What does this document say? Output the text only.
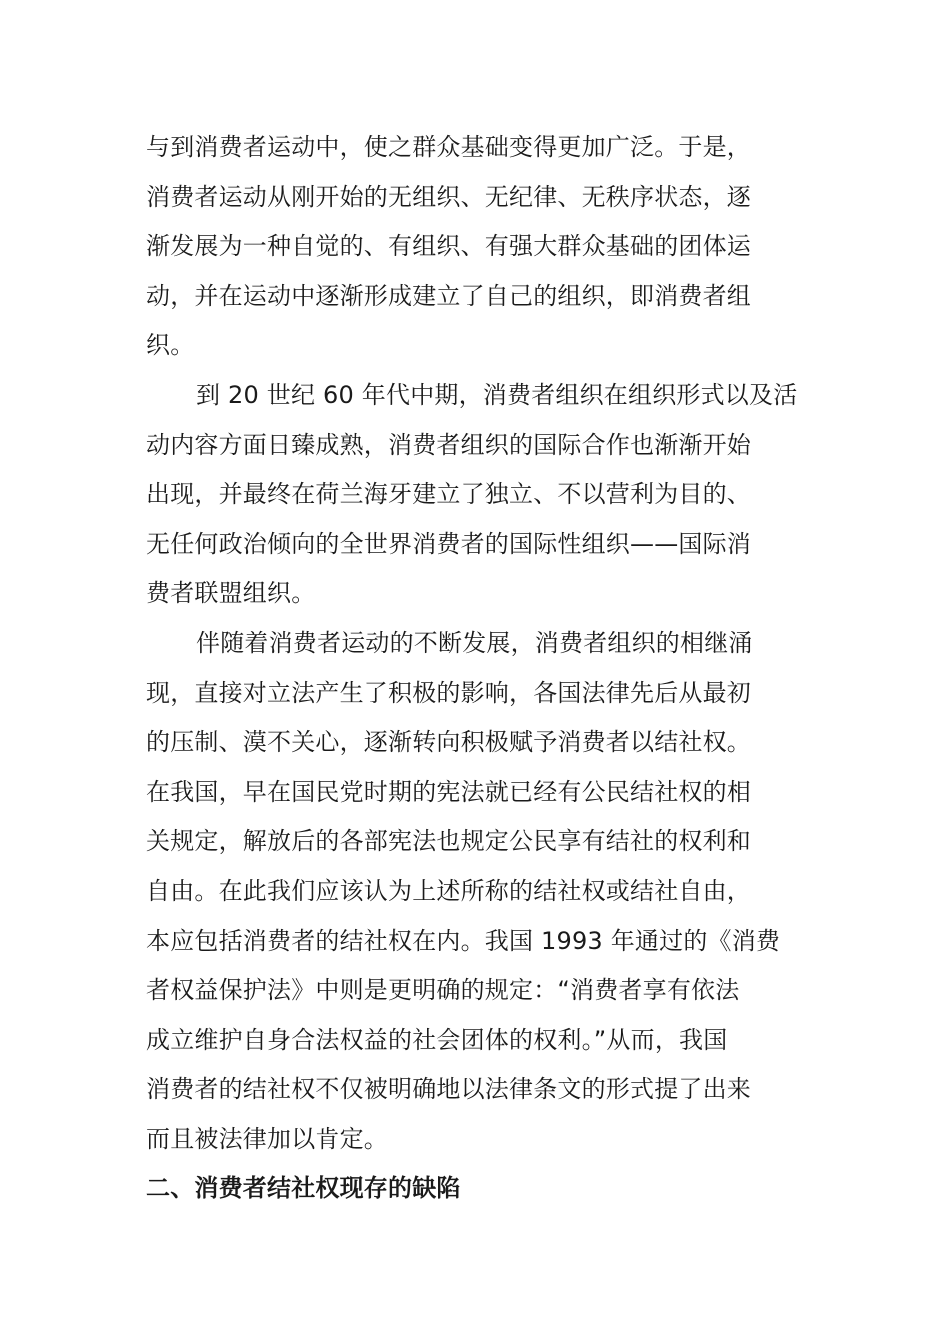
与到消费者运动中，使之群众基础变得更加广泛。于是，
消费者运动从刚开始的无组织、无纪律、无秩序状态，逐
渐发展为一种自觉的、有组织、有强大群众基础的团体运
动，并在运动中逐渐形成建立了自己的组织，即消费者组
织。
到 20 世纪 60 年代中期，消费者组织在组织形式以及活
动内容方面日臻成熟，消费者组织的国际合作也渐渐开始
出现，并最终在荷兰海牙建立了独立、不以营利为目的、
无任何政治倾向的全世界消费者的国际性组织——国际消
费者联盟组织。
伴随着消费者运动的不断发展，消费者组织的相继涌
现，直接对立法产生了积极的影响，各国法律先后从最初
的压制、漠不关心，逐渐转向积极赋予消费者以结社权。
在我国，早在国民党时期的宪法就已经有公民结社权的相
关规定，解放后的各部宪法也规定公民享有结社的权利和
自由。在此我们应该认为上述所称的结社权或结社自由，
本应包括消费者的结社权在内。我国 1993 年通过的《消费
者权益保护法》中则是更明确的规定：“消费者享有依法
成立维护自身合法权益的社会团体的权利。”从而，我国
消费者的结社权不仅被明确地以法律条文的形式提了出来
而且被法律加以肯定。
二、消费者结社权现存的缺陷
